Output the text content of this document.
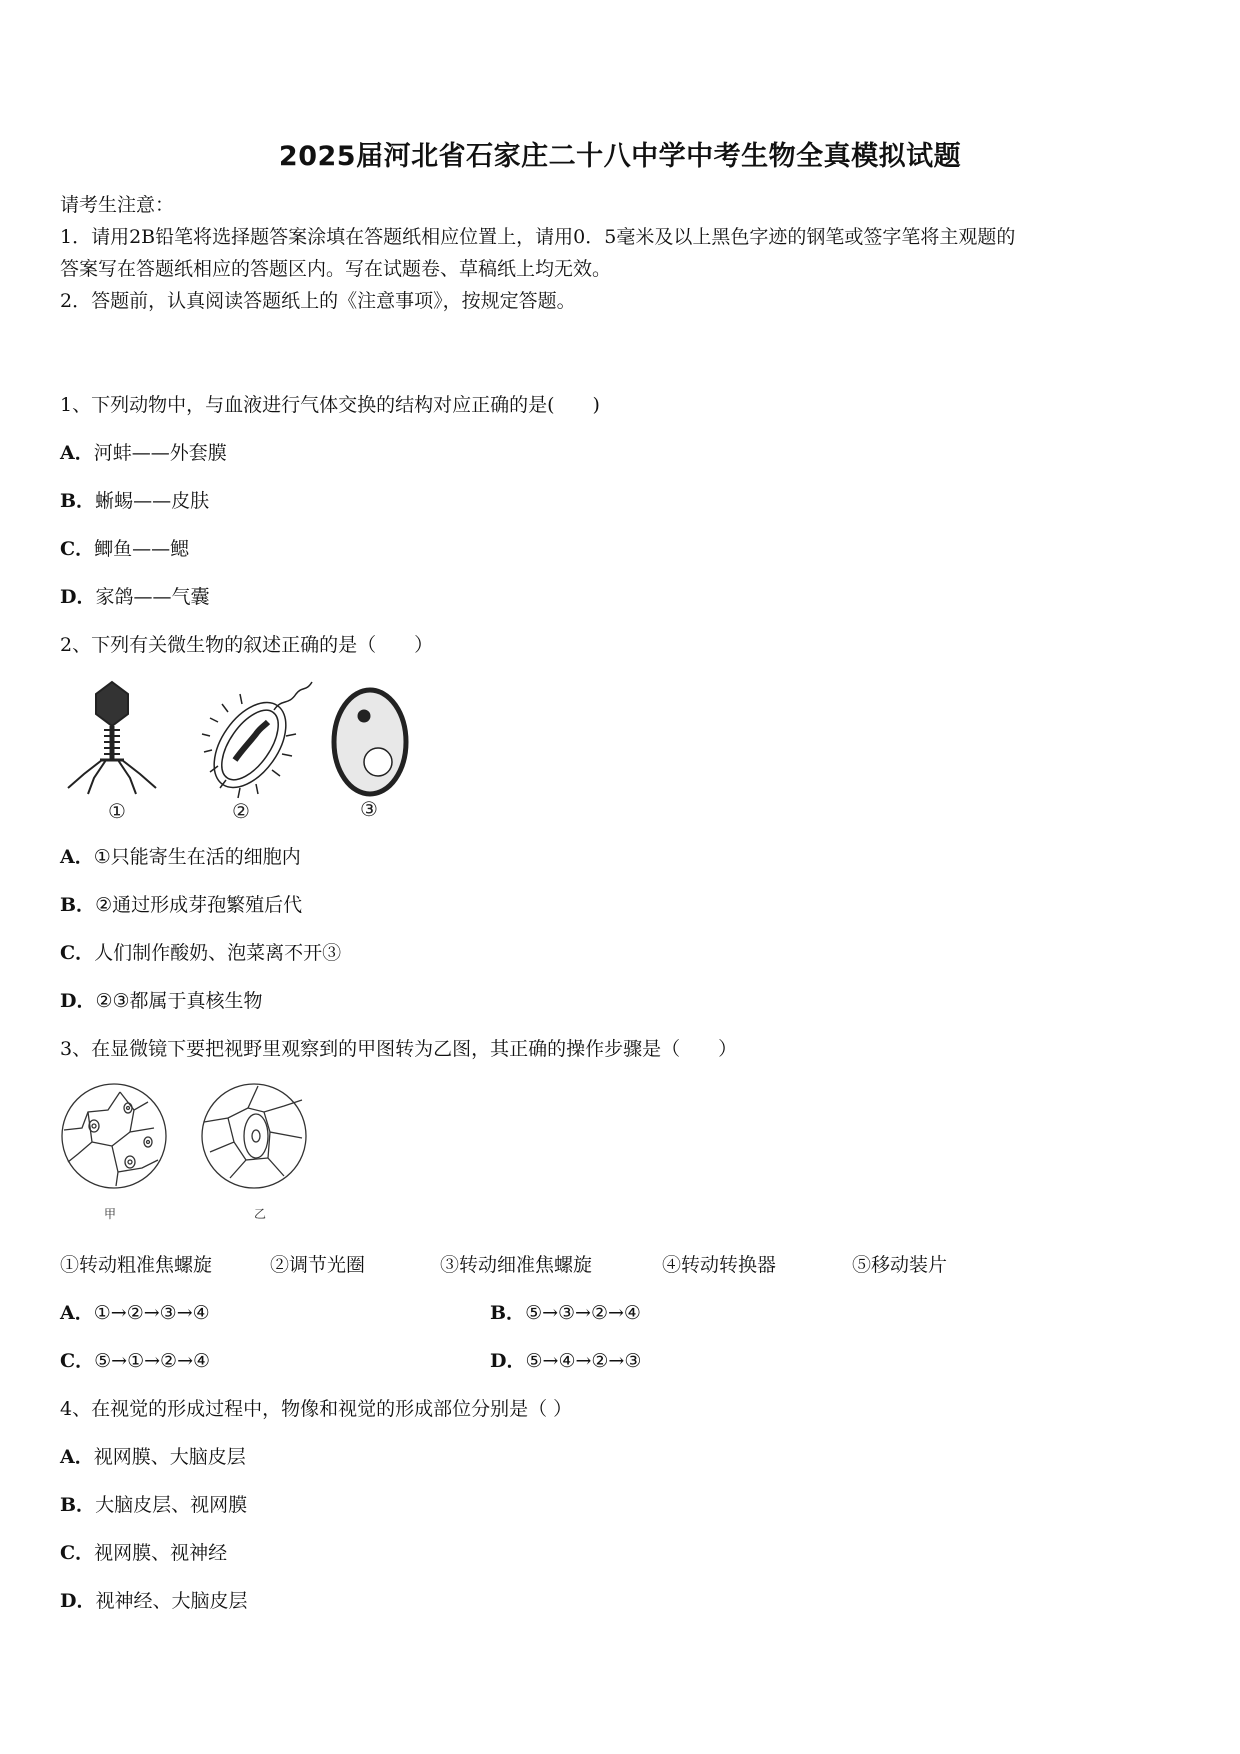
2025届河北省石家庄二十八中学中考生物全真模拟试题
请考生注意：
1．请用2B铅笔将选择题答案涂填在答题纸相应位置上，请用0．5毫米及以上黑色字迹的钢笔或签字笔将主观题的
答案写在答题纸相应的答题区内。写在试题卷、草稿纸上均无效。
2．答题前，认真阅读答题纸上的《注意事项》，按规定答题。
1、下列动物中，与血液进行气体交换的结构对应正确的是(　　)
A．河蚌——外套膜
B．蜥蜴——皮肤
C．鲫鱼——鳃
D．家鸽——气囊
2、下列有关微生物的叙述正确的是（　　）
①	②	③
A．①只能寄生在活的细胞内
B．②通过形成芽孢繁殖后代
C．人们制作酸奶、泡菜离不开③
D．②③都属于真核生物
3、在显微镜下要把视野里观察到的甲图转为乙图，其正确的操作步骤是（　　）
甲	乙
①转动粗准焦螺旋	②调节光圈	③转动细准焦螺旋	④转动转换器	⑤移动装片
A．①→②→③→④	B．⑤→③→②→④
C．⑤→①→②→④	D．⑤→④→②→③
4、在视觉的形成过程中，物像和视觉的形成部位分别是（ ）
A．视网膜、大脑皮层
B．大脑皮层、视网膜
C．视网膜、视神经
D．视神经、大脑皮层
